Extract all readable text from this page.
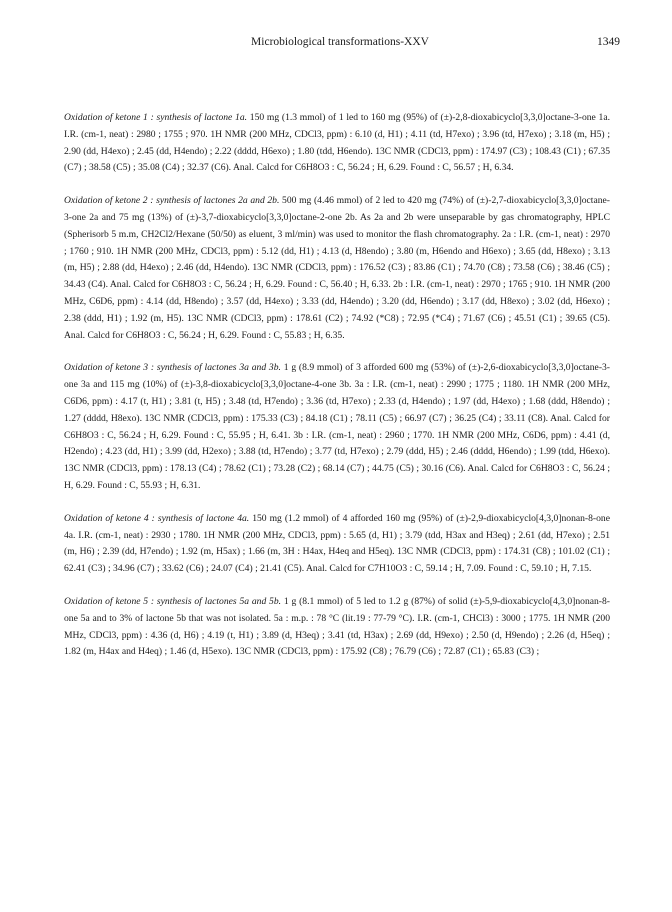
Microbiological transformations-XXV	1349

Oxidation of ketone 1 : synthesis of lactone 1a. 150 mg (1.3 mmol) of 1 led to 160 mg (95%) of (±)-2,8-dioxabicyclo[3,3,0]octane-3-one 1a. I.R. (cm-1, neat) : 2980 ; 1755 ; 970. 1H NMR (200 MHz, CDCl3, ppm) : 6.10 (d, H1) ; 4.11 (td, H7exo) ; 3.96 (td, H7exo) ; 3.18 (m, H5) ; 2.90 (dd, H4exo) ; 2.45 (dd, H4endo) ; 2.22 (dddd, H6exo) ; 1.80 (tdd, H6endo). 13C NMR (CDCl3, ppm) : 174.97 (C3) ; 108.43 (C1) ; 67.35 (C7) ; 38.58 (C5) ; 35.08 (C4) ; 32.37 (C6). Anal. Calcd for C6H8O3 : C, 56.24 ; H, 6.29. Found : C, 56.57 ; H, 6.34.

Oxidation of ketone 2 : synthesis of lactones 2a and 2b. 500 mg (4.46 mmol) of 2 led to 420 mg (74%) of (±)-2,7-dioxabicyclo[3,3,0]octane-3-one 2a and 75 mg (13%) of (±)-3,7-dioxabicyclo[3,3,0]octane-2-one 2b. As 2a and 2b were unseparable by gas chromatography, HPLC (Spherisorb 5 m.m, CH2Cl2/Hexane (50/50) as eluent, 3 ml/min) was used to monitor the flash chromatography. 2a : I.R. (cm-1, neat) : 2970 ; 1760 ; 910. 1H NMR (200 MHz, CDCl3, ppm) : 5.12 (dd, H1) ; 4.13 (d, H8endo) ; 3.80 (m, H6endo and H6exo) ; 3.65 (dd, H8exo) ; 3.13 (m, H5) ; 2.88 (dd, H4exo) ; 2.46 (dd, H4endo). 13C NMR (CDCl3, ppm) : 176.52 (C3) ; 83.86 (C1) ; 74.70 (C8) ; 73.58 (C6) ; 38.46 (C5) ; 34.43 (C4). Anal. Calcd for C6H8O3 : C, 56.24 ; H, 6.29. Found : C, 56.40 ; H, 6.33. 2b : I.R. (cm-1, neat) : 2970 ; 1765 ; 910. 1H NMR (200 MHz, C6D6, ppm) : 4.14 (dd, H8endo) ; 3.57 (dd, H4exo) ; 3.33 (dd, H4endo) ; 3.20 (dd, H6endo) ; 3.17 (dd, H8exo) ; 3.02 (dd, H6exo) ; 2.38 (ddd, H1) ; 1.92 (m, H5). 13C NMR (CDCl3, ppm) : 178.61 (C2) ; 74.92 (*C8) ; 72.95 (*C4) ; 71.67 (C6) ; 45.51 (C1) ; 39.65 (C5). Anal. Calcd for C6H8O3 : C, 56.24 ; H, 6.29. Found : C, 55.83 ; H, 6.35.

Oxidation of ketone 3 : synthesis of lactones 3a and 3b. 1 g (8.9 mmol) of 3 afforded 600 mg (53%) of (±)-2,6-dioxabicyclo[3,3,0]octane-3-one 3a and 115 mg (10%) of (±)-3,8-dioxabicyclo[3,3,0]octane-4-one 3b. 3a : I.R. (cm-1, neat) : 2990 ; 1775 ; 1180. 1H NMR (200 MHz, C6D6, ppm) : 4.17 (t, H1) ; 3.81 (t, H5) ; 3.48 (td, H7endo) ; 3.36 (td, H7exo) ; 2.33 (d, H4endo) ; 1.97 (dd, H4exo) ; 1.68 (ddd, H8endo) ; 1.27 (dddd, H8exo). 13C NMR (CDCl3, ppm) : 175.33 (C3) ; 84.18 (C1) ; 78.11 (C5) ; 66.97 (C7) ; 36.25 (C4) ; 33.11 (C8). Anal. Calcd for C6H8O3 : C, 56.24 ; H, 6.29. Found : C, 55.95 ; H, 6.41. 3b : I.R. (cm-1, neat) : 2960 ; 1770. 1H NMR (200 MHz, C6D6, ppm) : 4.41 (d, H2endo) ; 4.23 (dd, H1) ; 3.99 (dd, H2exo) ; 3.88 (td, H7endo) ; 3.77 (td, H7exo) ; 2.79 (ddd, H5) ; 2.46 (dddd, H6endo) ; 1.99 (tdd, H6exo). 13C NMR (CDCl3, ppm) : 178.13 (C4) ; 78.62 (C1) ; 73.28 (C2) ; 68.14 (C7) ; 44.75 (C5) ; 30.16 (C6). Anal. Calcd for C6H8O3 : C, 56.24 ; H, 6.29. Found : C, 55.93 ; H, 6.31.

Oxidation of ketone 4 : synthesis of lactone 4a. 150 mg (1.2 mmol) of 4 afforded 160 mg (95%) of (±)-2,9-dioxabicyclo[4,3,0]nonan-8-one 4a. I.R. (cm-1, neat) : 2930 ; 1780. 1H NMR (200 MHz, CDCl3, ppm) : 5.65 (d, H1) ; 3.79 (tdd, H3ax and H3eq) ; 2.61 (dd, H7exo) ; 2.51 (m, H6) ; 2.39 (dd, H7endo) ; 1.92 (m, H5ax) ; 1.66 (m, 3H : H4ax, H4eq and H5eq). 13C NMR (CDCl3, ppm) : 174.31 (C8) ; 101.02 (C1) ; 62.41 (C3) ; 34.96 (C7) ; 33.62 (C6) ; 24.07 (C4) ; 21.41 (C5). Anal. Calcd for C7H10O3 : C, 59.14 ; H, 7.09. Found : C, 59.10 ; H, 7.15.

Oxidation of ketone 5 : synthesis of lactones 5a and 5b. 1 g (8.1 mmol) of 5 led to 1.2 g (87%) of solid (±)-5,9-dioxabicyclo[4,3,0]nonan-8-one 5a and to 3% of lactone 5b that was not isolated. 5a : m.p. : 78 °C (lit.19 : 77-79 °C). I.R. (cm-1, CHCl3) : 3000 ; 1775. 1H NMR (200 MHz, CDCl3, ppm) : 4.36 (d, H6) ; 4.19 (t, H1) ; 3.89 (d, H3eq) ; 3.41 (td, H3ax) ; 2.69 (dd, H9exo) ; 2.50 (d, H9endo) ; 2.26 (d, H5eq) ; 1.82 (m, H4ax and H4eq) ; 1.46 (d, H5exo). 13C NMR (CDCl3, ppm) : 175.92 (C8) ; 76.79 (C6) ; 72.87 (C1) ; 65.83 (C3) ;
